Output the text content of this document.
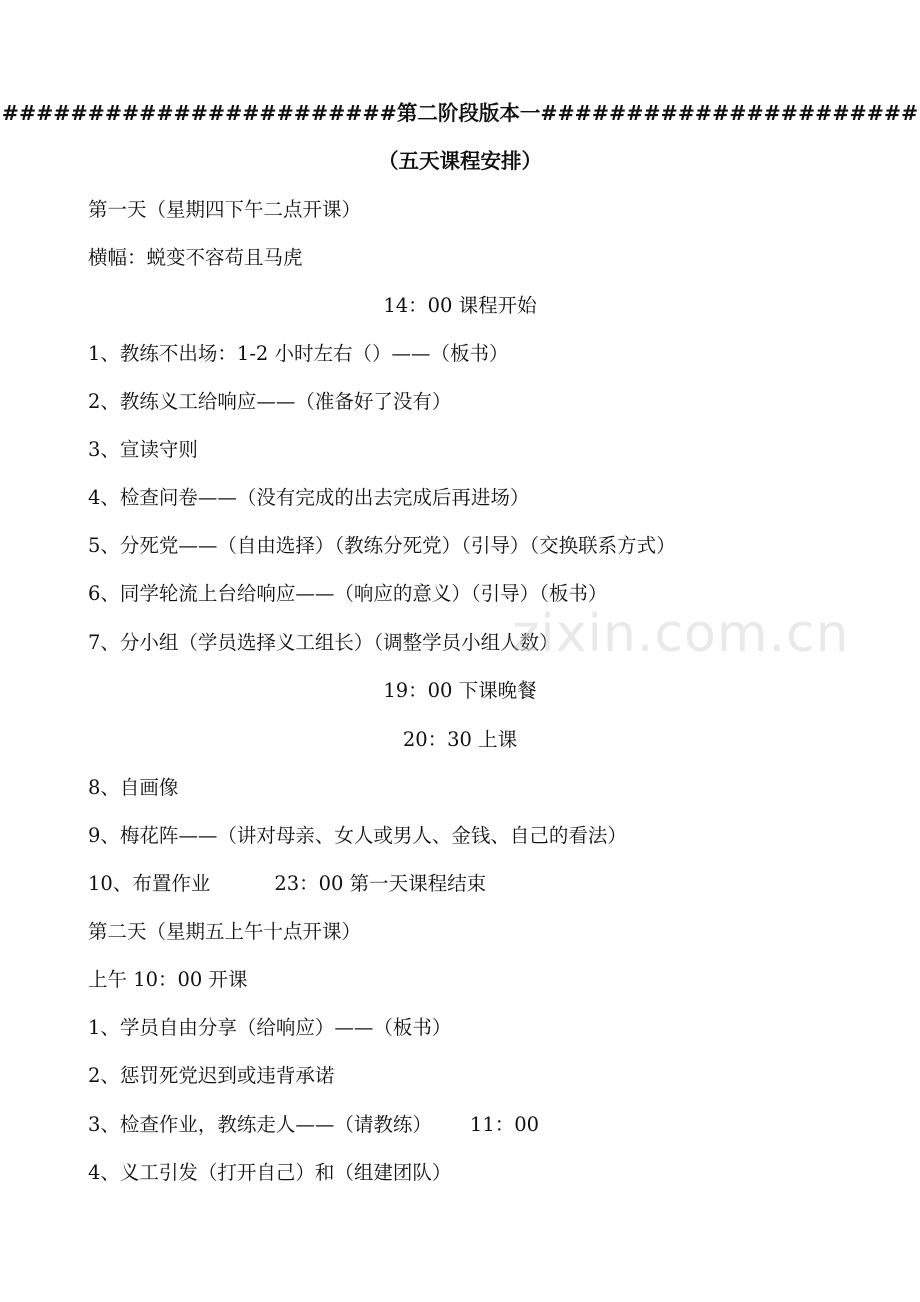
#######################第二阶段版本一######################
（五天课程安排）
第一天（星期四下午二点开课）
横幅：蜕变不容苟且马虎
14：00 课程开始
1、教练不出场：1-2 小时左右（）——（板书）
2、教练义工给响应——（准备好了没有）
3、宣读守则
4、检查问卷——（没有完成的出去完成后再进场）
5、分死党——（自由选择）（教练分死党）（引导）（交换联系方式）
6、同学轮流上台给响应——（响应的意义）（引导）（板书）
7、分小组（学员选择义工组长）（调整学员小组人数）
19：00 下课晚餐
20：30 上课
8、自画像
9、梅花阵——（讲对母亲、女人或男人、金钱、自己的看法）
10、布置作业	23：00 第一天课程结束
第二天（星期五上午十点开课）
上午 10：00 开课
1、学员自由分享（给响应）——（板书）
2、惩罚死党迟到或违背承诺
3、检查作业，教练走人——（请教练） 11：00
4、义工引发（打开自己）和（组建团队）
zixin.com.cn
